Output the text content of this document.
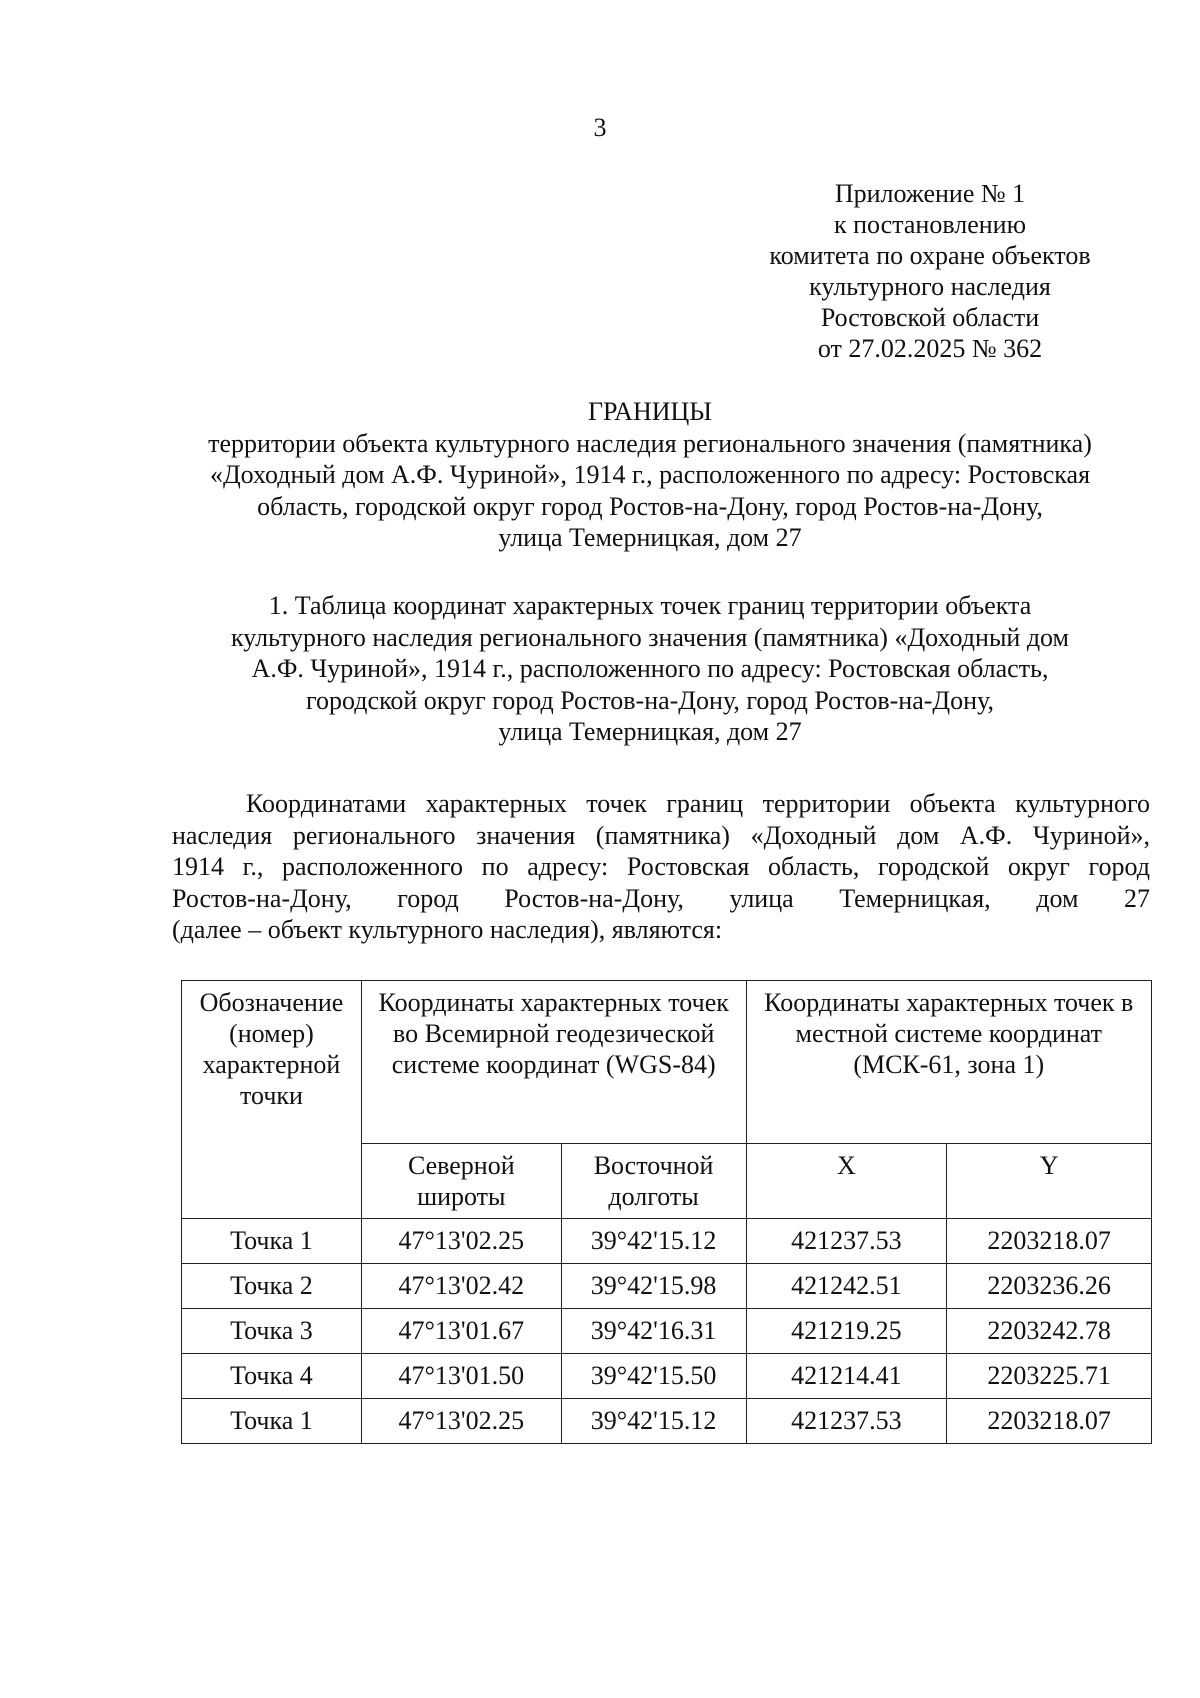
3
Приложение № 1
к постановлению
комитета по охране объектов
культурного наследия
Ростовской области
от 27.02.2025 № 362
ГРАНИЦЫ
территории объекта культурного наследия регионального значения (памятника)
«Доходный дом А.Ф. Чуриной», 1914 г., расположенного по адресу: Ростовская
область, городской округ город Ростов-на-Дону, город Ростов-на-Дону,
улица Темерницкая, дом 27
1. Таблица координат характерных точек границ территории объекта
культурного наследия регионального значения (памятника) «Доходный дом
А.Ф. Чуриной», 1914 г., расположенного по адресу: Ростовская область,
городской округ город Ростов-на-Дону, город Ростов-на-Дону,
улица Темерницкая, дом 27
Координатами характерных точек границ территории объекта культурного
наследия регионального значения (памятника) «Доходный дом А.Ф. Чуриной»,
1914 г., расположенного по адресу: Ростовская область, городской округ город
Ростов-на-Дону, город Ростов-на-Дону, улица Темерницкая, дом 27
(далее – объект культурного наследия), являются:
Обозначение (номер) характерной точки	Координаты характерных точек во Всемирной геодезической системе координат (WGS-84)		Координаты характерных точек в местной системе координат (МСК-61, зона 1)	
	Северной широты	Восточной долготы	X	Y
Точка 1	47°13'02.25	39°42'15.12	421237.53	2203218.07
Точка 2	47°13'02.42	39°42'15.98	421242.51	2203236.26
Точка 3	47°13'01.67	39°42'16.31	421219.25	2203242.78
Точка 4	47°13'01.50	39°42'15.50	421214.41	2203225.71
Точка 1	47°13'02.25	39°42'15.12	421237.53	2203218.07
